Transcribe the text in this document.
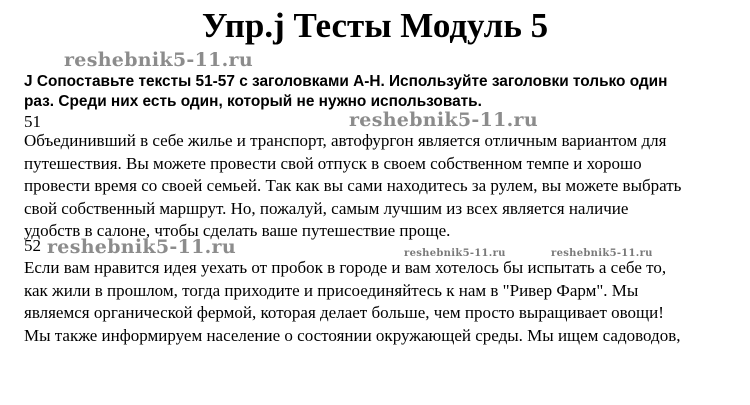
Упр.j Тесты Модуль 5
reshebnik5-11.ru
reshebnik5-11.ru
reshebnik5-11.ru	reshebnik5-11.ru	reshebnik5-11.ru
J Сопоставьте тексты 51-57 с заголовками A-H. Используйте заголовки только один
раз. Среди них есть один, который не нужно использовать.
51
Объединивший в себе жилье и транспорт, автофургон является отличным вариантом для
путешествия. Вы можете провести свой отпуск в своем собственном темпе и хорошо
провести время со своей семьей. Так как вы сами находитесь за рулем, вы можете выбрать
свой собственный маршрут. Но, пожалуй, самым лучшим из всех является наличие
удобств в салоне, чтобы сделать ваше путешествие проще.
52
Если вам нравится идея уехать от пробок в городе и вам хотелось бы испытать а себе то,
как жили в прошлом, тогда приходите и присоединяйтесь к нам в "Ривер Фарм". Мы
являемся органической фермой, которая делает больше, чем просто выращивает овощи!
Мы также информируем население о состоянии окружающей среды. Мы ищем садоводов,
